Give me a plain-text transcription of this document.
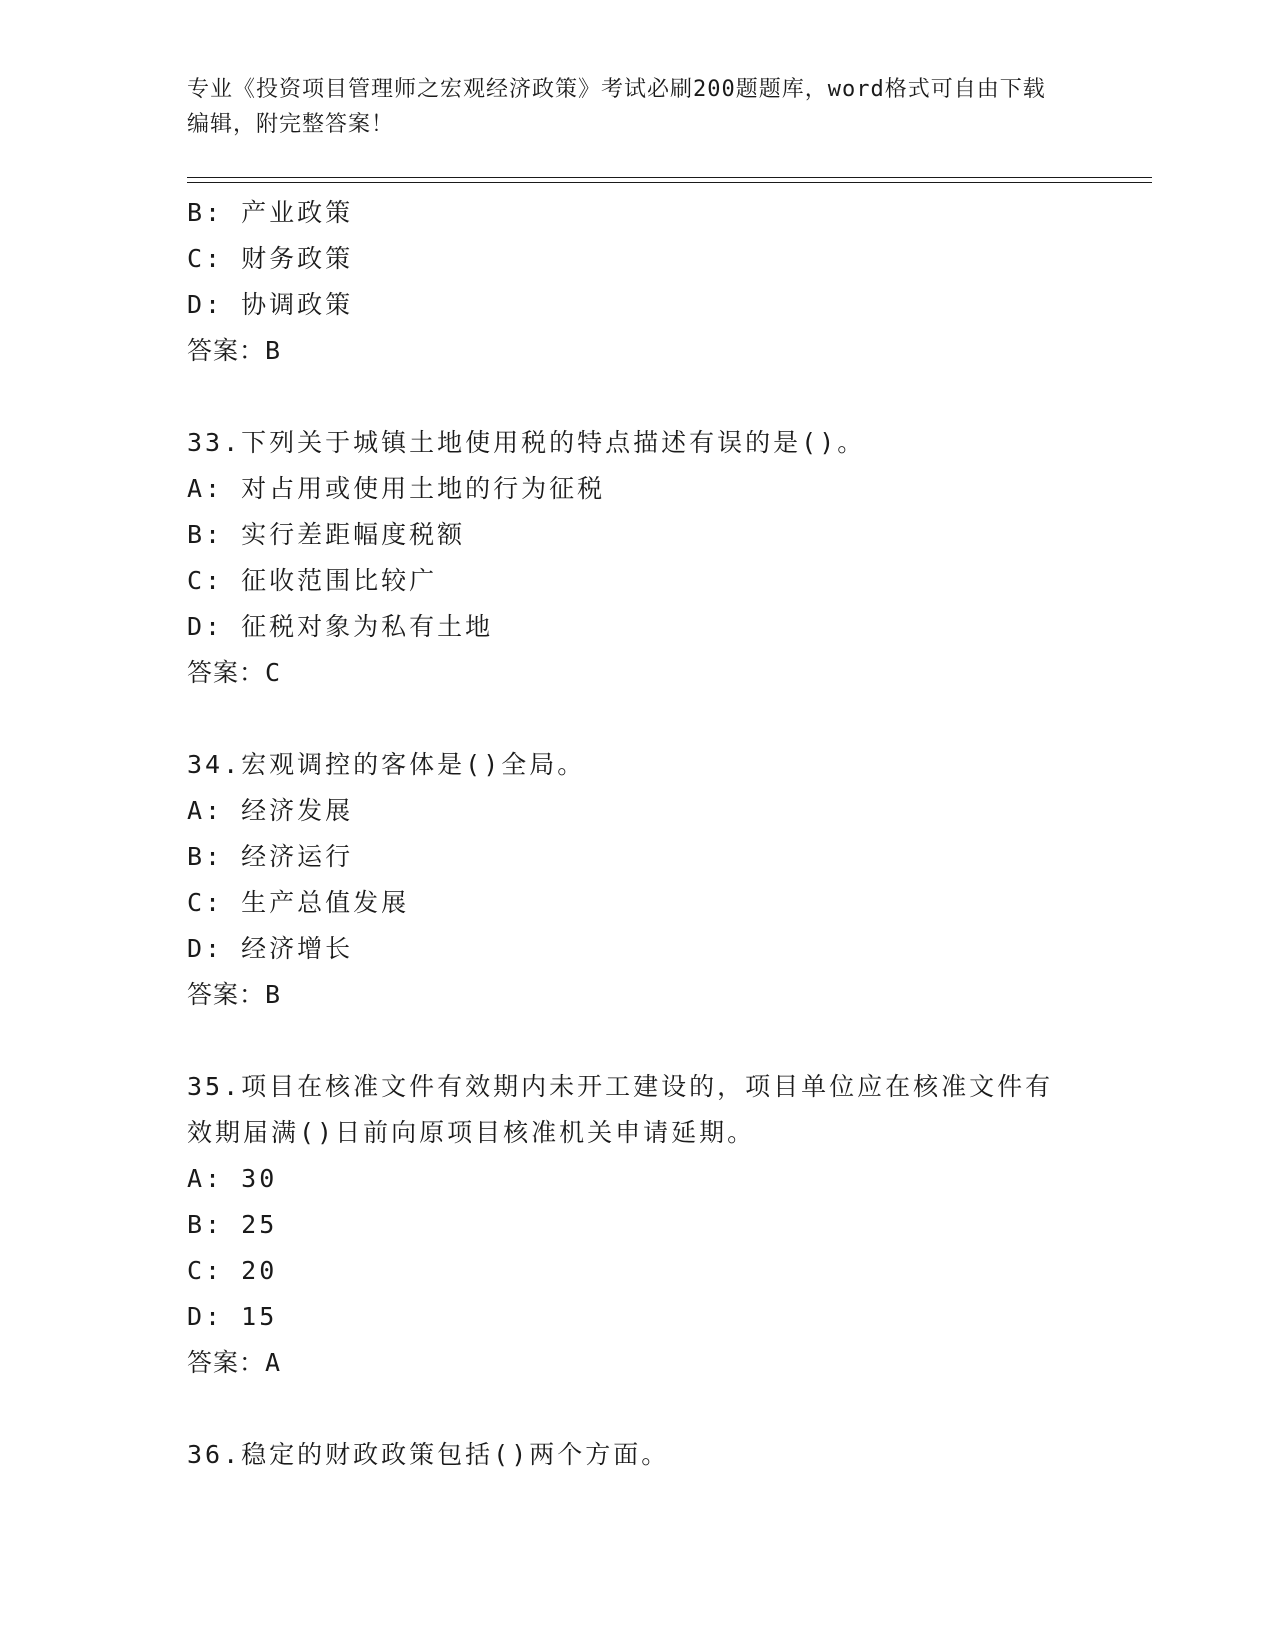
专业《投资项目管理师之宏观经济政策》考试必刷200题题库，word格式可自由下载编辑，附完整答案！
B: 产业政策
C: 财务政策
D: 协调政策
答案：B
33.下列关于城镇土地使用税的特点描述有误的是()。
A: 对占用或使用土地的行为征税
B: 实行差距幅度税额
C: 征收范围比较广
D: 征税对象为私有土地
答案：C
34.宏观调控的客体是()全局。
A: 经济发展
B: 经济运行
C: 生产总值发展
D: 经济增长
答案：B
35.项目在核准文件有效期内未开工建设的，项目单位应在核准文件有效期届满()日前向原项目核准机关申请延期。
A: 30
B: 25
C: 20
D: 15
答案：A
36.稳定的财政政策包括()两个方面。
